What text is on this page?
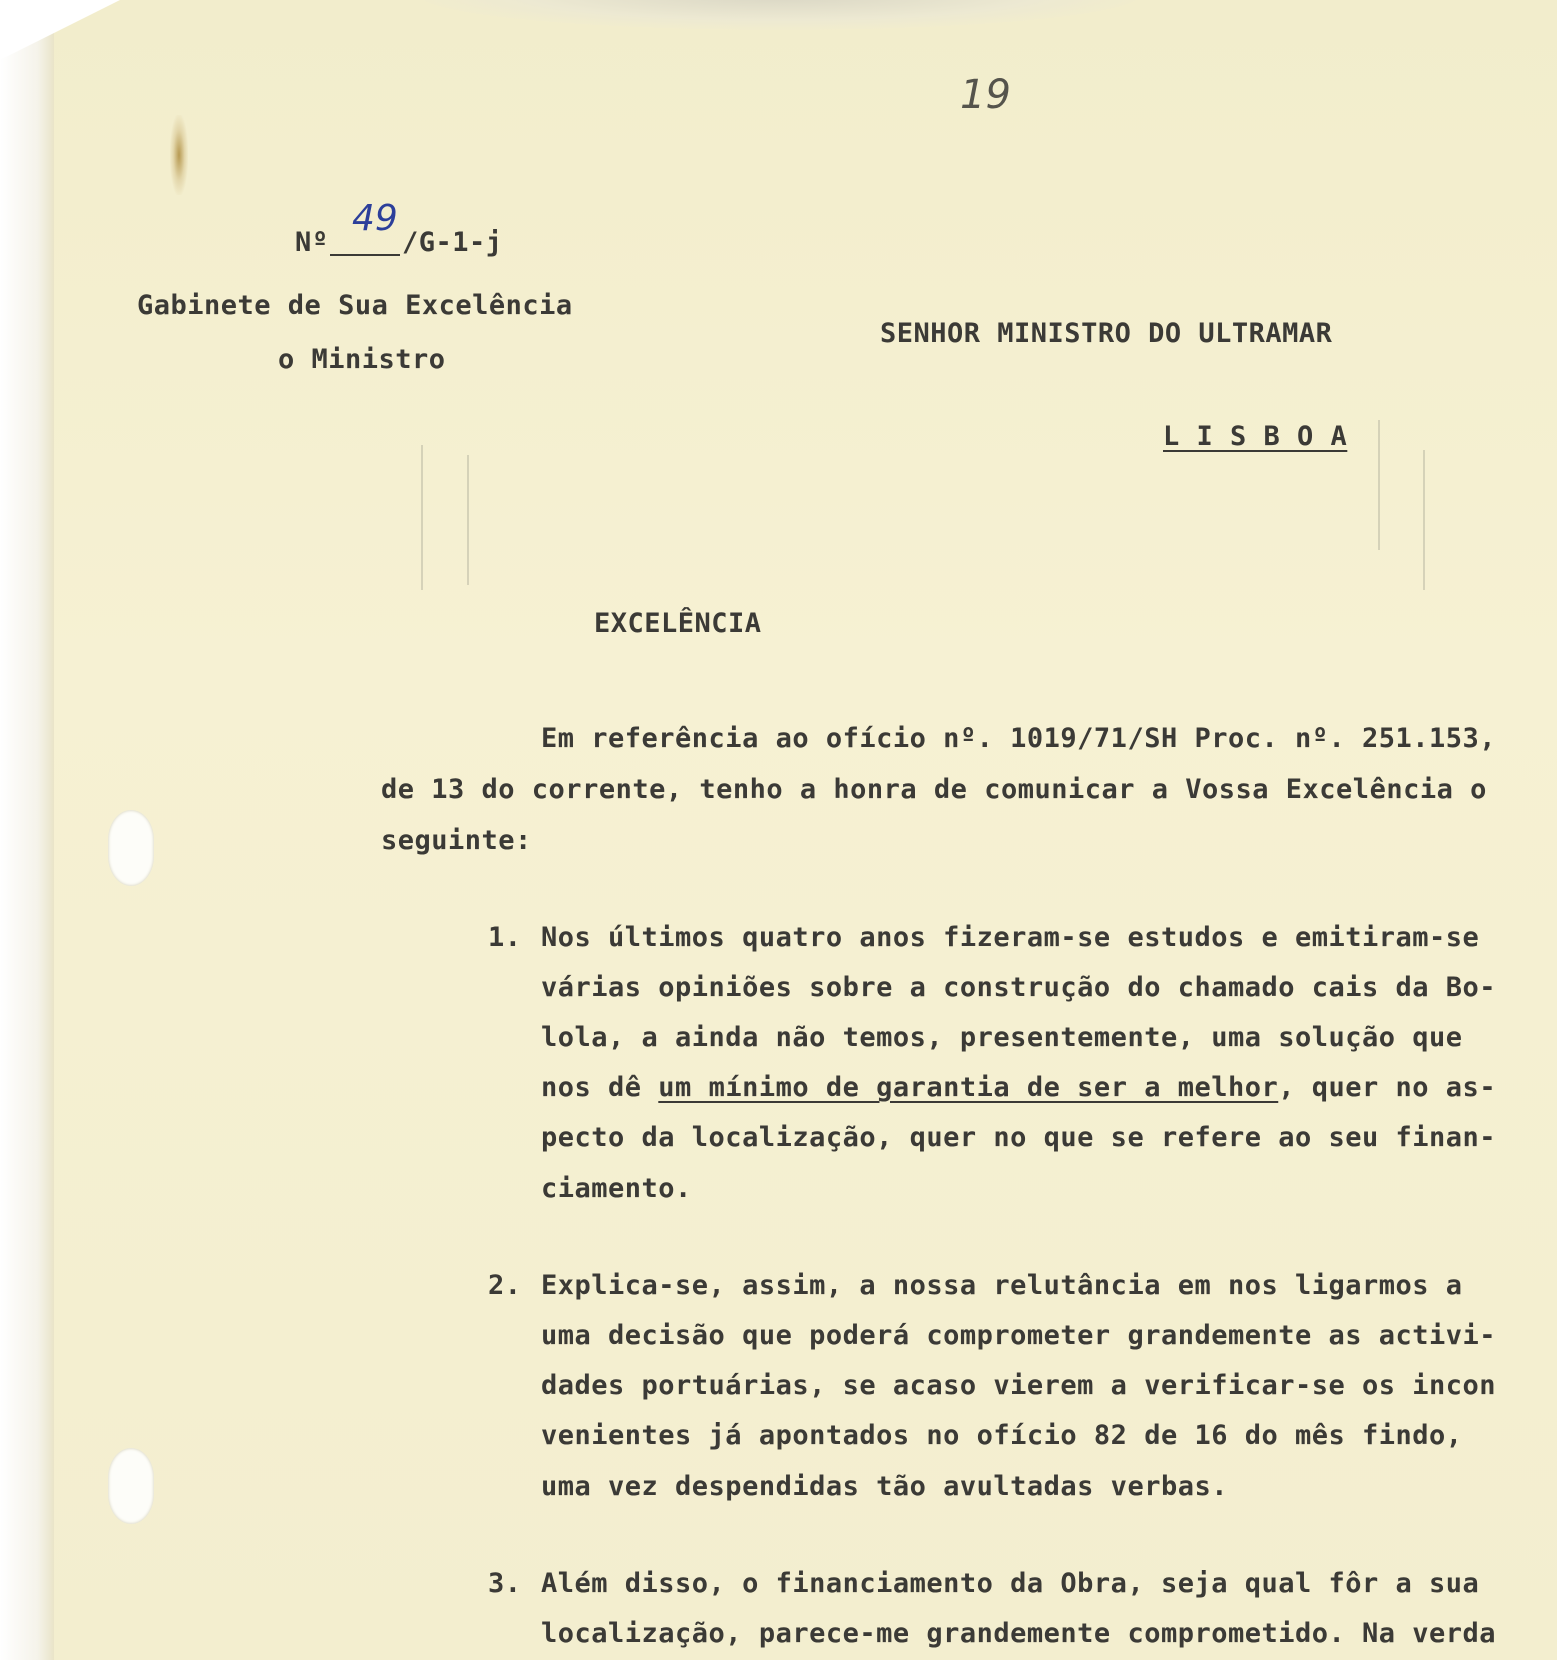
19
Nº
49
/G-1-j
Gabinete de Sua Excelência
o Ministro
SENHOR MINISTRO DO ULTRAMAR
L I S B O A
EXCELÊNCIA
Em referência ao ofício nº. 1019/71/SH Proc. nº. 251.153,
de 13 do corrente, tenho a honra de comunicar a Vossa Excelência o
seguinte:
1. Nos últimos quatro anos fizeram-se estudos e emitiram-se
várias opiniões sobre a construção do chamado cais da Bo-
lola, a ainda não temos, presentemente, uma solução que
nos dê um mínimo de garantia de ser a melhor, quer no as-
pecto da localização, quer no que se refere ao seu finan-
ciamento.
2. Explica-se, assim, a nossa relutância em nos ligarmos a
uma decisão que poderá comprometer grandemente as activi-
dades portuárias, se acaso vierem a verificar-se os incon
venientes já apontados no ofício 82 de 16 do mês findo,
uma vez despendidas tão avultadas verbas.
3. Além disso, o financiamento da Obra, seja qual fôr a sua
localização, parece-me grandemente comprometido. Na verda
